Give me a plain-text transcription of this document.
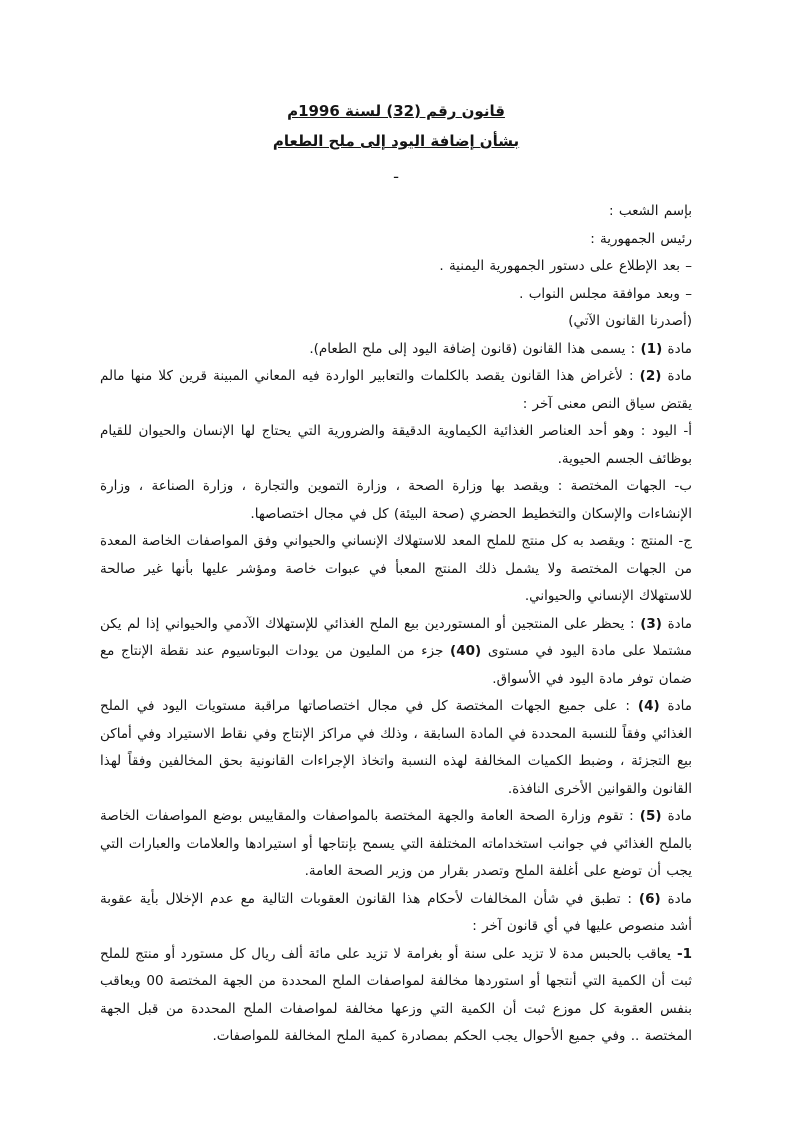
قانون رقم (32) لسنة 1996م
بشأن إضافة اليود إلى ملح الطعام
ـ

بإسم الشعب :

رئيس الجمهورية :

– بعد الإطلاع على دستور الجمهورية اليمنية .

– وبعد موافقة مجلس النواب .

(أصدرنا القانون الآتي)

مادة (1) : يسمى هذا القانون (قانون إضافة اليود إلى ملح الطعام).

مادة (2) : لأغراض هذا القانون يقصد بالكلمات والتعابير الواردة فيه المعاني المبينة قرين كلا منها مالم يقتض سياق النص معنى آخر :

أ- اليود : وهو أحد العناصر الغذائية الكيماوية الدقيقة والضرورية التي يحتاج لها الإنسان والحيوان للقيام بوظائف الجسم الحيوية.

ب- الجهات المختصة : ويقصد بها وزارة الصحة ، وزارة التموين والتجارة ، وزارة الصناعة ، وزارة الإنشاءات والإسكان والتخطيط الحضري (صحة البيئة) كل في مجال اختصاصها.

ج- المنتج : ويقصد به كل منتج للملح المعد للاستهلاك الإنساني والحيواني وفق المواصفات الخاصة المعدة من الجهات المختصة ولا يشمل ذلك المنتج المعبأ في عبوات خاصة ومؤشر عليها بأنها غير صالحة للاستهلاك الإنساني والحيواني.

مادة (3) : يحظر على المنتجين أو المستوردين بيع الملح الغذائي للإستهلاك الآدمي والحيواني إذا لم يكن مشتملا على مادة اليود في مستوى (40) جزء من المليون من يودات البوتاسيوم عند نقطة الإنتاج مع ضمان توفر مادة اليود في الأسواق.

مادة (4) : على جميع الجهات المختصة كل في مجال اختصاصاتها مراقبة مستويات اليود في الملح الغذائي وفقاً للنسبة المحددة في المادة السابقة ، وذلك في مراكز الإنتاج وفي نقاط الاستيراد وفي أماكن بيع التجزئة ، وضبط الكميات المخالفة لهذه النسبة واتخاذ الإجراءات القانونية بحق المخالفين وفقاً لهذا القانون والقوانين الأخرى النافذة.

مادة (5) : تقوم وزارة الصحة العامة والجهة المختصة بالمواصفات والمقاييس بوضع المواصفات الخاصة بالملح الغذائي في جوانب استخداماته المختلفة التي يسمح بإنتاجها أو استيرادها والعلامات والعبارات التي يجب أن توضع على أغلفة الملح وتصدر بقرار من وزير الصحة العامة.

مادة (6) : تطبق في شأن المخالفات لأحكام هذا القانون العقوبات التالية مع عدم الإخلال بأية عقوبة أشد منصوص عليها في أي قانون آخر :

1- يعاقب بالحبس مدة لا تزيد على سنة أو بغرامة لا تزيد على مائة ألف ريال كل مستورد أو منتج للملح ثبت أن الكمية التي أنتجها أو استوردها مخالفة لمواصفات الملح المحددة من الجهة المختصة 00 ويعاقب بنفس العقوبة كل موزع ثبت أن الكمية التي وزعها مخالفة لمواصفات الملح المحددة من قبل الجهة المختصة .. وفي جميع الأحوال يجب الحكم بمصادرة كمية الملح المخالفة للمواصفات.
